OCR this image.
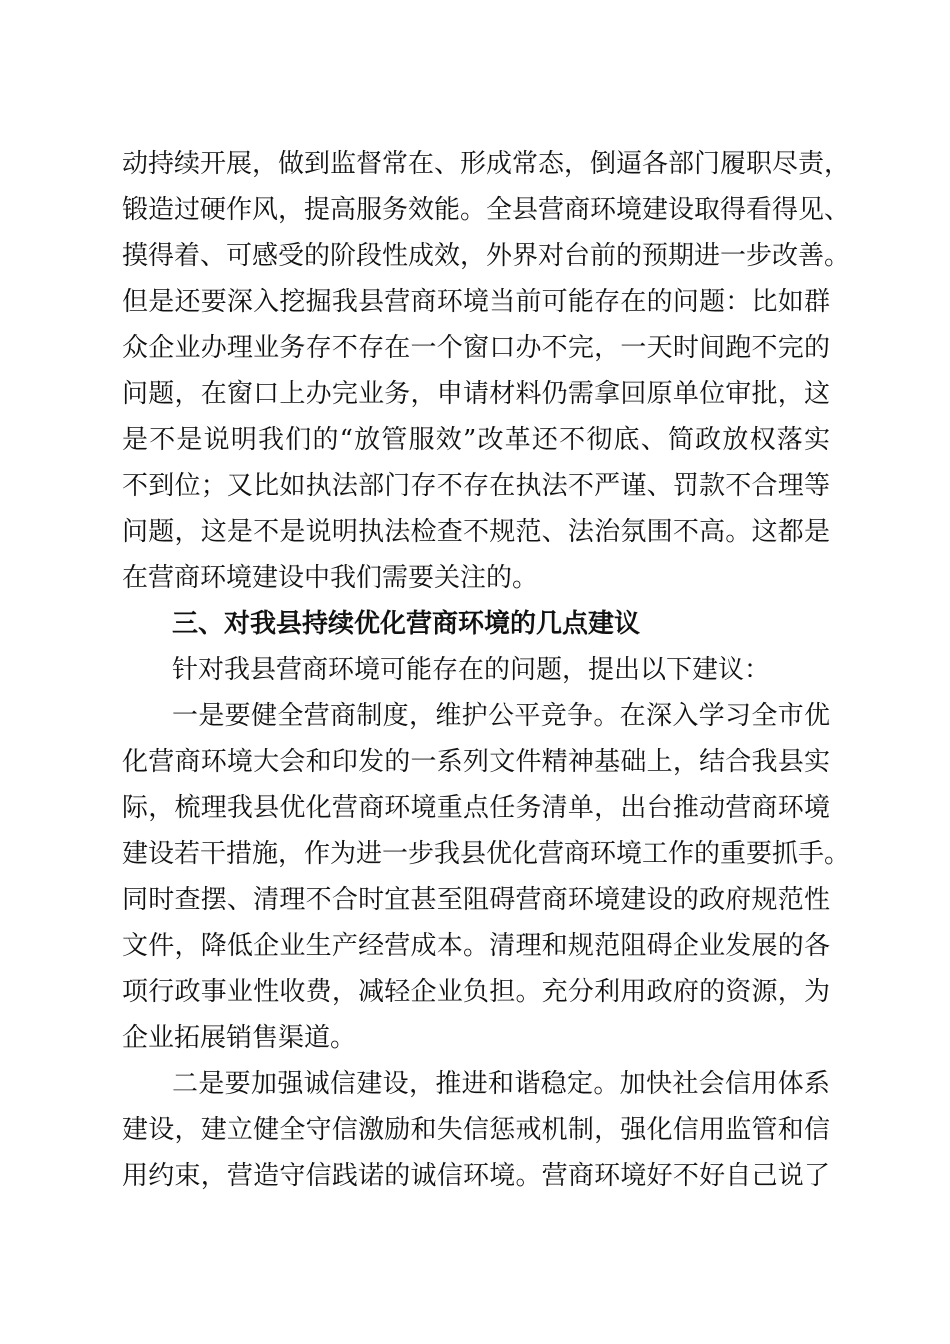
动持续开展，做到监督常在、形成常态，倒逼各部门履职尽责，
锻造过硬作风，提高服务效能。全县营商环境建设取得看得见、
摸得着、可感受的阶段性成效，外界对台前的预期进一步改善。
但是还要深入挖掘我县营商环境当前可能存在的问题：比如群
众企业办理业务存不存在一个窗口办不完，一天时间跑不完的
问题，在窗口上办完业务，申请材料仍需拿回原单位审批，这
是不是说明我们的“放管服效”改革还不彻底、简政放权落实
不到位；又比如执法部门存不存在执法不严谨、罚款不合理等
问题，这是不是说明执法检查不规范、法治氛围不高。这都是
在营商环境建设中我们需要关注的。
三、对我县持续优化营商环境的几点建议
针对我县营商环境可能存在的问题，提出以下建议：
一是要健全营商制度，维护公平竞争。在深入学习全市优
化营商环境大会和印发的一系列文件精神基础上，结合我县实
际，梳理我县优化营商环境重点任务清单，出台推动营商环境
建设若干措施，作为进一步我县优化营商环境工作的重要抓手。
同时查摆、清理不合时宜甚至阻碍营商环境建设的政府规范性
文件，降低企业生产经营成本。清理和规范阻碍企业发展的各
项行政事业性收费，减轻企业负担。充分利用政府的资源，为
企业拓展销售渠道。
二是要加强诚信建设，推进和谐稳定。加快社会信用体系
建设，建立健全守信激励和失信惩戒机制，强化信用监管和信
用约束，营造守信践诺的诚信环境。营商环境好不好自己说了
